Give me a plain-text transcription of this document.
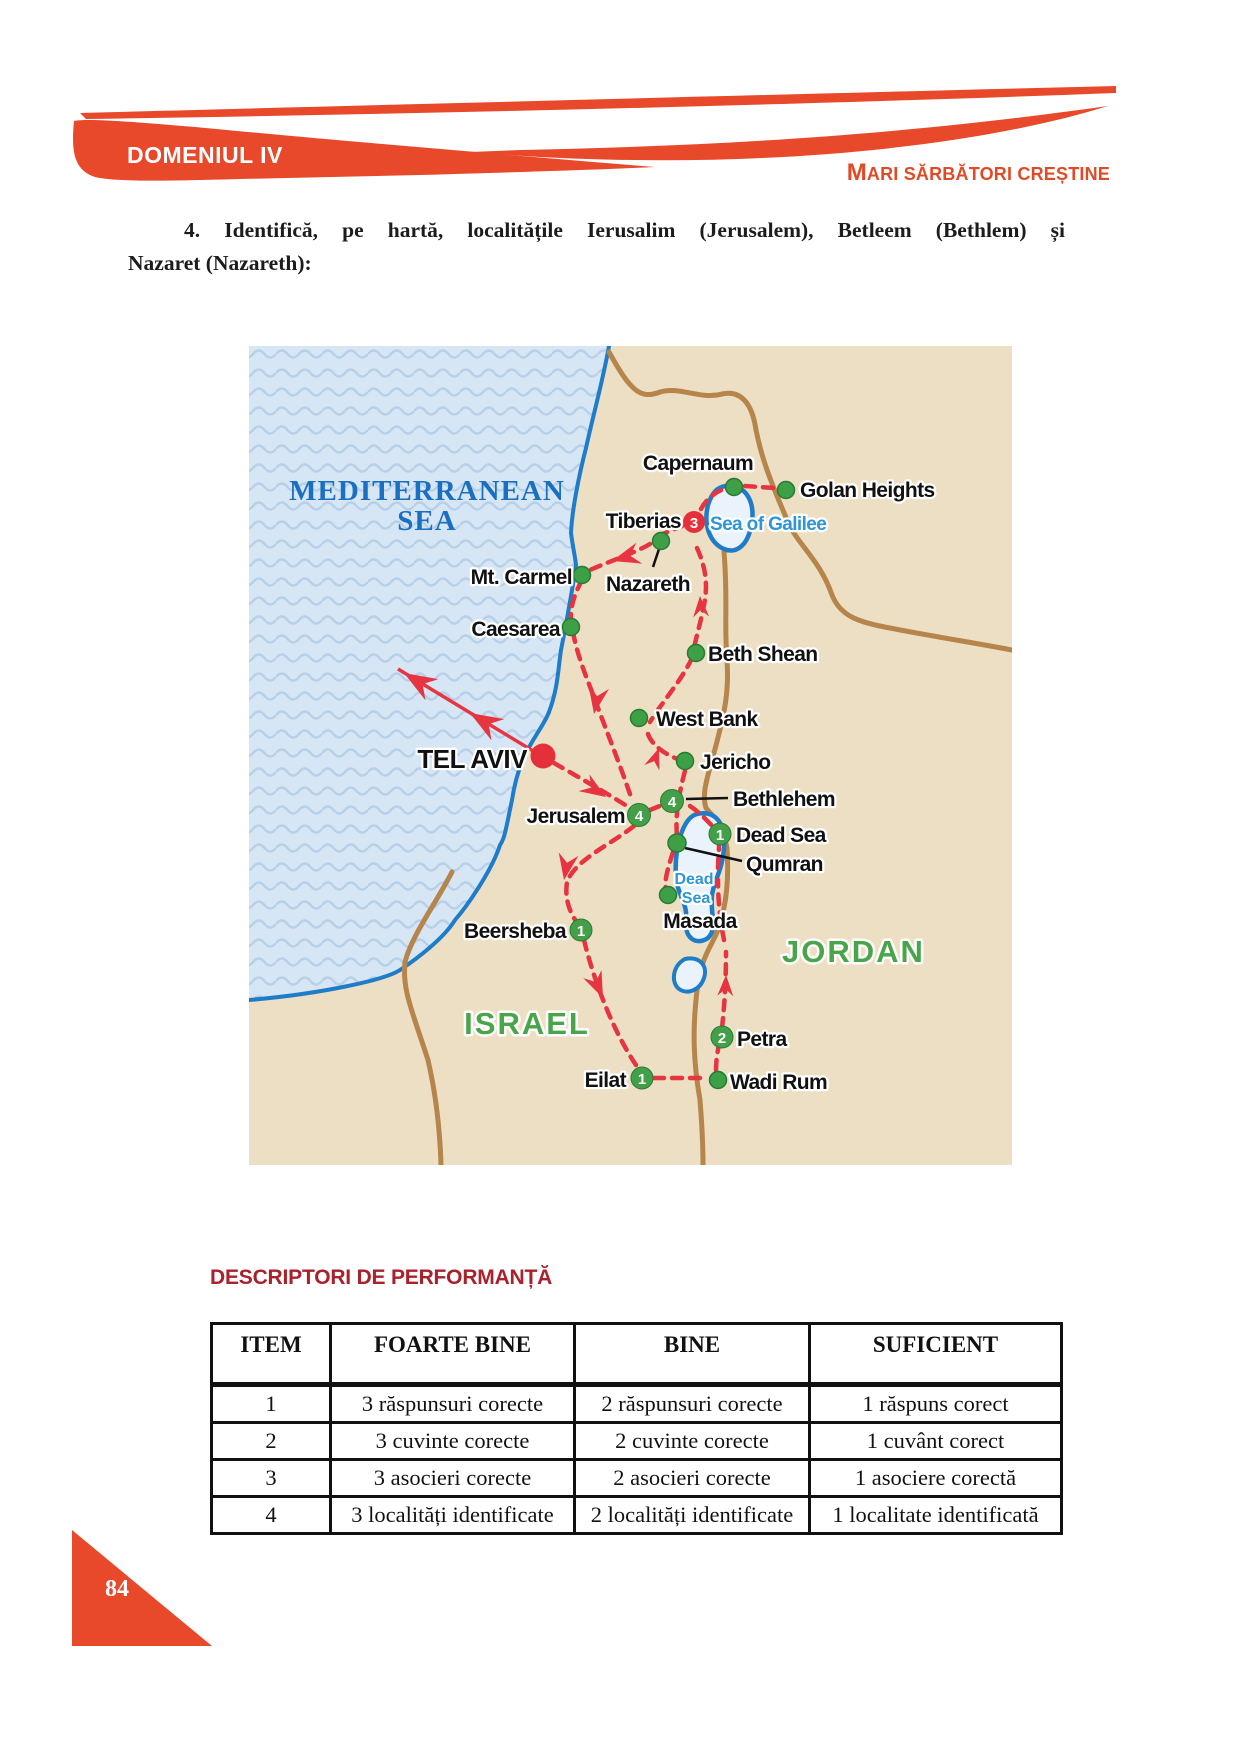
DOMENIUL IV
MARI SĂRBĂTORI CREȘTINE
4. Identifică, pe hartă, localitățile Ierusalim (Jerusalem), Betleem (Bethlem) și
Nazaret (Nazareth):
3
4
4
1
1
2
1
MEDITERRANEAN
SEA
Capernaum
Golan Heights
Tiberias Sea of Galilee
Nazareth
Mt. Carmel
Caesarea
Beth Shean
West Bank
Jericho
TEL AVIV
Jerusalem
Bethlehem
Dead Sea
Qumran
Dead
Sea
Masada
Beersheba
JORDAN
ISRAEL	Petra
Eilat	Wadi Rum
DESCRIPTORI DE PERFORMANȚĂ
ITEM	FOARTE BINE	BINE	SUFICIENT
1	3 răspunsuri corecte	2 răspunsuri corecte	1 răspuns corect
2	3 cuvinte corecte	2 cuvinte corecte	1 cuvânt corect
3	3 asocieri corecte	2 asocieri corecte	1 asociere corectă
4	3 localități identificate	2 localități identificate	1 localitate identificată
84
